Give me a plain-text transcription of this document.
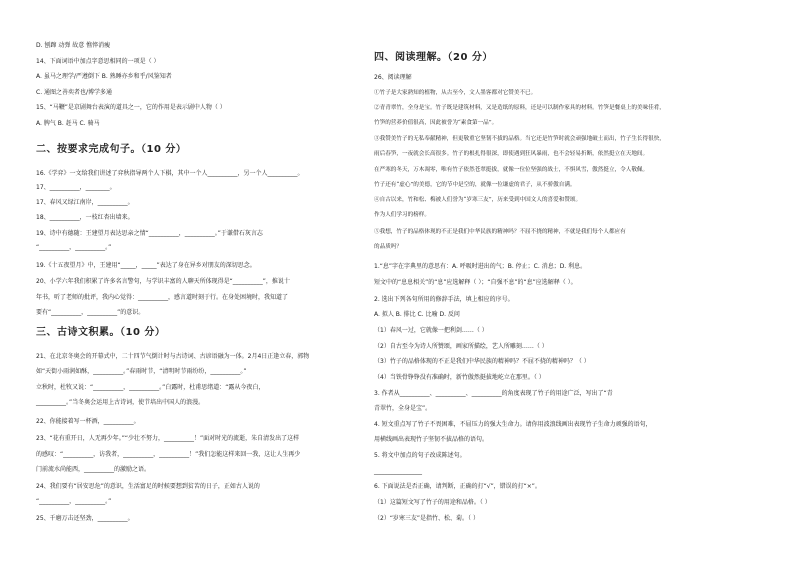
D. 刨蹿 动弹 故意 憔悴消瘦
14、下面词语中加点字意思相同的一项是（ ）
A. 虽马之理学/严遵倒下 B. 熟睡亦乡和乎/风鉴知者
C. 通图之善奕者也/博学多通
15、“马鞭”是京剧舞台表演的道具之一，它的作用是表示剧中人物（ ）
A. 脾气 B. 赶马 C. 骑马
16.《学弈》一文给我们讲述了弈秋指导两个人下棋，其中一个人__________，另一个人__________。
17、__________，________。
17、春风又绿江南岸，__________。
18、__________，一枝红杏出墙来。
19、诗中有德随：王建望月表达思亲之情“__________，__________。”于谦借石灰言志
“__________，__________。”
19.《十五夜望月》中，王建用“_____，_____”表达了身在异乡对朋友的深切思念。
20、小学六年我们积累了许多名言警句，与学识丰富的人聊天所体现得是“__________”，推说十
年书，听了老师的批评，我内心觉得：__________，感言道时刻于行。在身处困境时，我知道了
要有“__________，__________”的意识。
21、在北京冬奥会的开幕式中，二十四节气倒计时与古诗词、古谚语融为一体。2月4日正逢立春，郭物
如“天街小雨润如酥，__________。”春雨时节，“清明时节雨纷纷，__________。”
立秋时，杜牧又说：“__________，__________。”白露时，杜甫思绪道：“露从今夜白，
__________。”当冬奥会运用上古诗词，使节培出中国人的浪漫。
22、你能接着写一杯酒，__________。
23、“花有重开日，人无再少年。”“少壮不努力，__________！”面对时光的流逝，朱自清发出了这样
的感叹：“__________，访我者，__________，__________！”我们怎能这样来回一我，这让人生再少
门前流水尚能西，__________的激励之语。
24、我们要有“居安思危”的意识，生活富足的时候要想到贫苦的日子，正如古人说的
“__________，__________。”
25、千磨万击还坚劲，__________。
二、按要求完成句子。（10 分）
三、古诗文积累。（10 分）
四、阅读理解。（20 分）
26、阅读理解
①竹子是大家熟知的植物，从古至今，文人墨客都对它赞美不已。
②青青翠竹，全身是宝。竹子既是建筑材料，又是造纸的原料，还是可以制作家具的材料。竹笋是餐桌上的美味佳肴，
竹笋的营养价值很高，因此被誉为“素食第一品”。
③我赞美竹子的无私奉献精神，但更敬重它坚韧不拔的品格。当它还是竹笋时就会顽强地破土而出，竹子生长得很快，
雨后春笋，一夜就会长高很多。竹子的根扎得很深，即使遇到狂风暴雨，也不会轻易折断，依然挺立在天地间。
在严寒的冬天，万木凋零，唯有竹子依然苍翠挺拔，就像一位位坚强的战士，不惧风雪，傲然挺立，令人敬佩。
竹子还有“虚心”的美德，它的节中是空的，就像一位谦虚的君子，从不骄傲自满。
④自古以来，竹和松、梅被人们誉为“岁寒三友”，历来受到中国文人的喜爱和赞颂。
作为人们学习的榜样。
⑤我想，竹子的品格体现的不正是我们中华民族的精神吗？不屈不挠的精神，不就是我们每个人都应有
的品质吗？
1.“息”字在字典里的意思有：A. 呼吸时进出的气；B. 停止；C. 消息；D. 利息。
短文中的“息息相关”的“息”应选解释（ ）；“自强不息”的“息”应选解释（ ）。
2. 选出下列各句所用的修辞手法，填上相应的序号。
A. 拟人 B. 排比 C. 比喻 D. 反问
（1）春风一过，它就像一把利剑……（ ）
（2）自古至今为诗人所赞颂，画家所描绘，艺人所雕刻……（ ）
（3）竹子的品格体现的不正是我们中华民族的精神吗？不屈不挠的精神吗？（ ）
（4）当铁骨铮铮没有准确时，新竹傲然挺拔地屹立在那里。（ ）
3. 作者从__________、__________、__________的角度表现了竹子的用途广泛，写出了“青
青翠竹，全身是宝”。
4. 短文重点写了竹子不畏困难，不屈压力的强大生命力。请你用波浪线画出表现竹子生命力顽强的语句，
用横线画出表现竹子坚韧不拔品格的语句。
5. 将文中加点的句子改成陈述句。
________________
6. 下面说法是否正确，请判断，正确的打“√”，错误的打“×”。
（1）这篇短文写了竹子的用途和品格。（ ）
（2）“岁寒三友”是指竹、松、菊。（ ）
